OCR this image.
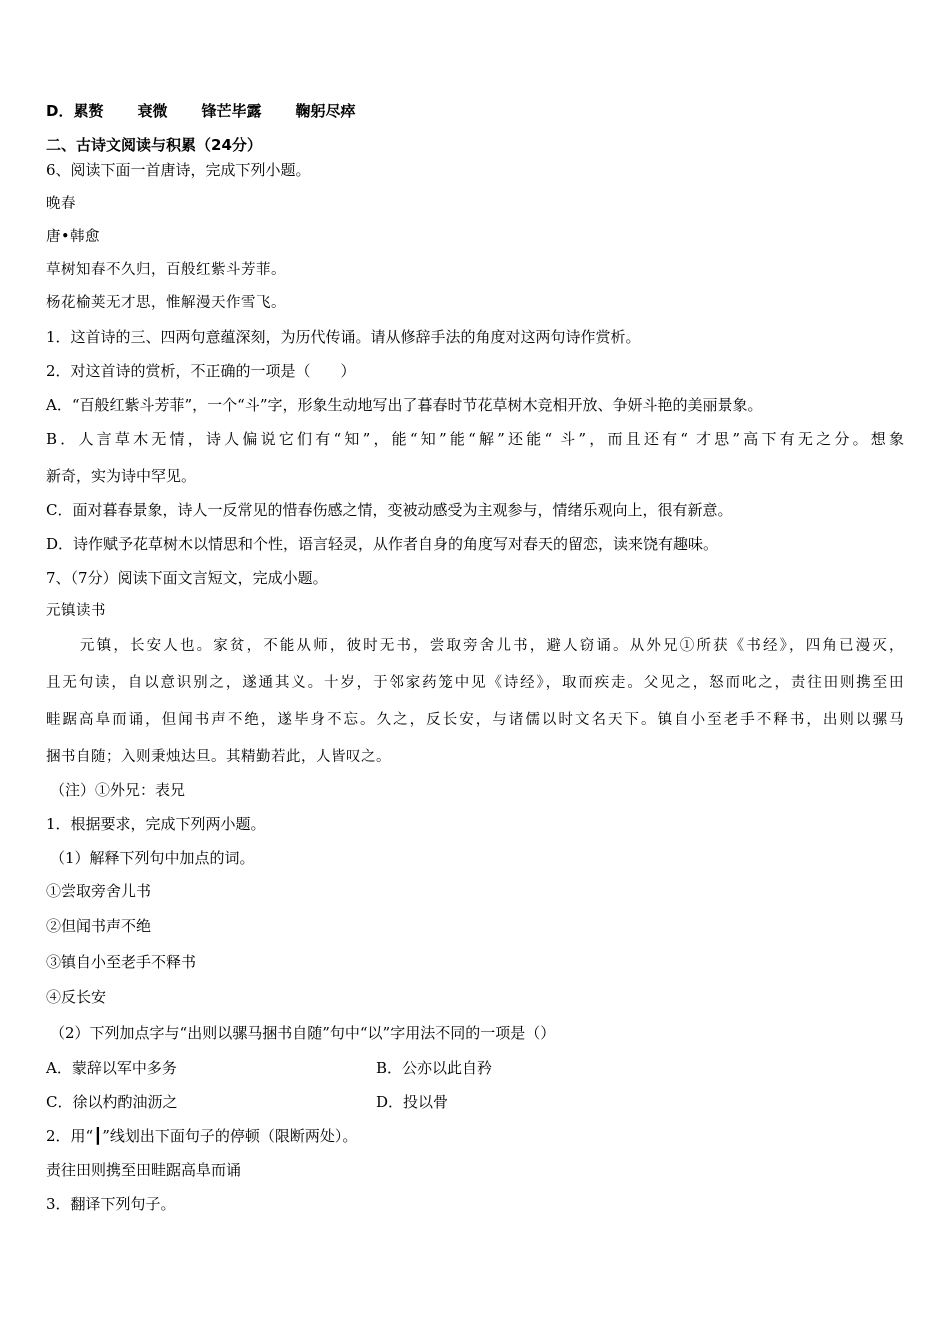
D．累赘 衰微 锋芒毕露 鞠躬尽瘁
二、古诗文阅读与积累（24分）
6、阅读下面一首唐诗，完成下列小题。
晚春
唐•韩愈
草树知春不久归，百般红紫斗芳菲。
杨花榆荚无才思，惟解漫天作雪飞。
1．这首诗的三、四两句意蕴深刻，为历代传诵。请从修辞手法的角度对这两句诗作赏析。
2．对这首诗的赏析，不正确的一项是（　　）
A．“百般红紫斗芳菲”，一个“斗”字，形象生动地写出了暮春时节花草树木竞相开放、争妍斗艳的美丽景象。
B．人言草木无情，诗人偏说它们有“知”，能“知”能“解”还能“ 斗”，而且还有“ 才思”高下有无之分。想象
新奇，实为诗中罕见。
C．面对暮春景象，诗人一反常见的惜春伤感之情，变被动感受为主观参与，情绪乐观向上，很有新意。
D．诗作赋予花草树木以情思和个性，语言轻灵，从作者自身的角度写对春天的留恋，读来饶有趣味。
7、（7分）阅读下面文言短文，完成小题。
元镇读书
元镇，长安人也。家贫，不能从师，彼时无书，尝取旁舍儿书，避人窃诵。从外兄①所获《书经》，四角已漫灭，
且无句读，自以意识别之，遂通其义。十岁，于邻家药笼中见《诗经》，取而疾走。父见之，怒而叱之，责往田则携至田
畦踞高阜而诵，但闻书声不绝，遂毕身不忘。久之，反长安，与诸儒以时文名天下。镇自小至老手不释书，出则以骡马
捆书自随；入则秉烛达旦。其精勤若此，人皆叹之。
（注）①外兄：表兄
1．根据要求，完成下列两小题。
（1）解释下列句中加点的词。
①尝取旁舍儿书
②但闻书声不绝
③镇自小至老手不释书
④反长安
（2）下列加点字与“出则以骡马捆书自随”句中“以”字用法不同的一项是（）
A．蒙辞以军中多务	B．公亦以此自矜
C．徐以杓酌油沥之	D．投以骨
2．用“┃”线划出下面句子的停顿（限断两处）。
责往田则携至田畦踞高阜而诵
3．翻译下列句子。
